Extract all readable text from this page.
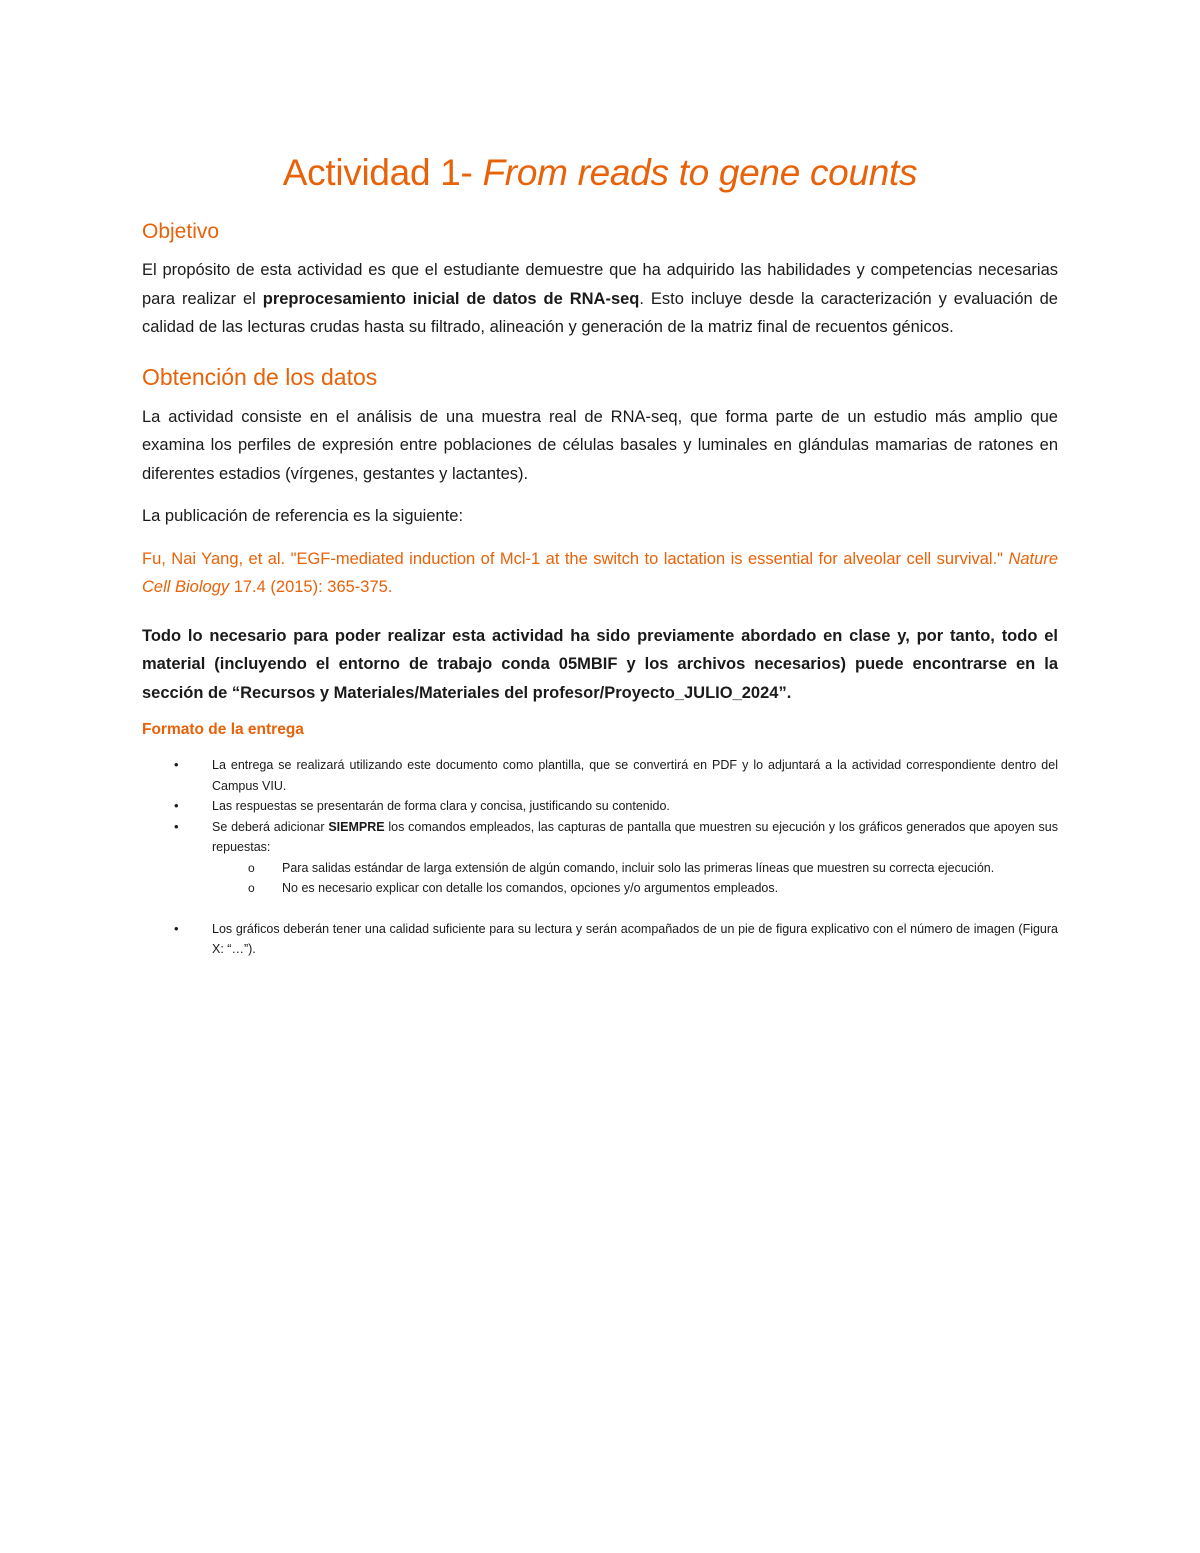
Actividad 1- From reads to gene counts
Objetivo

El propósito de esta actividad es que el estudiante demuestre que ha adquirido las habilidades y competencias necesarias para realizar el preprocesamiento inicial de datos de RNA-seq. Esto incluye desde la caracterización y evaluación de calidad de las lecturas crudas hasta su filtrado, alineación y generación de la matriz final de recuentos génicos.

Obtención de los datos

La actividad consiste en el análisis de una muestra real de RNA-seq, que forma parte de un estudio más amplio que examina los perfiles de expresión entre poblaciones de células basales y luminales en glándulas mamarias de ratones en diferentes estadios (vírgenes, gestantes y lactantes).

La publicación de referencia es la siguiente:

Fu, Nai Yang, et al. "EGF-mediated induction of Mcl-1 at the switch to lactation is essential for alveolar cell survival." Nature Cell Biology 17.4 (2015): 365-375.

Todo lo necesario para poder realizar esta actividad ha sido previamente abordado en clase y, por tanto, todo el material (incluyendo el entorno de trabajo conda 05MBIF y los archivos necesarios) puede encontrarse en la sección de “Recursos y Materiales/Materiales del profesor/Proyecto_JULIO_2024”.

Formato de la entrega
•	La entrega se realizará utilizando este documento como plantilla, que se convertirá en PDF y lo adjuntará a la actividad correspondiente dentro del Campus VIU.
•	Las respuestas se presentarán de forma clara y concisa, justificando su contenido.
•	Se deberá adicionar SIEMPRE los comandos empleados, las capturas de pantalla que muestren su ejecución y los gráficos generados que apoyen sus repuestas:
o Para salidas estándar de larga extensión de algún comando, incluir solo las primeras líneas que muestren su correcta ejecución.
o No es necesario explicar con detalle los comandos, opciones y/o argumentos empleados.
•	Los gráficos deberán tener una calidad suficiente para su lectura y serán acompañados de un pie de figura explicativo con el número de imagen (Figura X: “…”).
